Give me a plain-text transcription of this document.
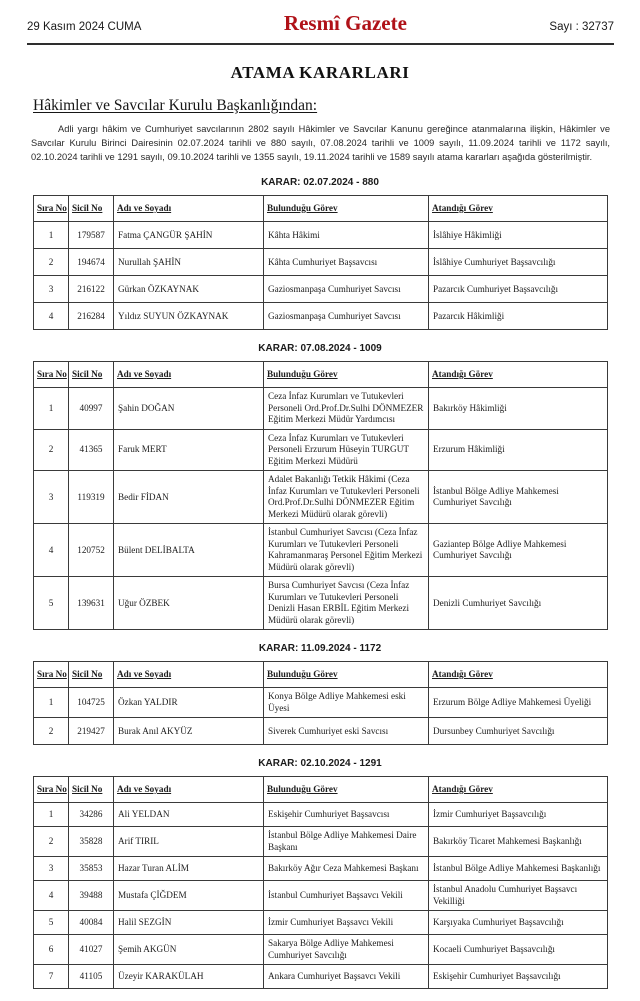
29 Kasım 2024 CUMA	Resmî Gazete	Sayı : 32737
ATAMA KARARLARI
Hâkimler ve Savcılar Kurulu Başkanlığından:

Adli yargı hâkim ve Cumhuriyet savcılarının 2802 sayılı Hâkimler ve Savcılar Kanunu gereğince atanmalarına ilişkin, Hâkimler ve Savcılar Kurulu Birinci Dairesinin 02.07.2024 tarihli ve 880 sayılı, 07.08.2024 tarihli ve 1009 sayılı, 11.09.2024 tarihli ve 1172 sayılı, 02.10.2024 tarihli ve 1291 sayılı, 09.10.2024 tarihli ve 1355 sayılı, 19.11.2024 tarihli ve 1589 sayılı atama kararları aşağıda gösterilmiştir.

KARAR: 02.07.2024 - 880
Sıra No	Sicil No	Adı ve Soyadı	Bulunduğu Görev	Atandığı Görev
1	179587	Fatma ÇANGÜR ŞAHİN	Kâhta Hâkimi	İslâhiye Hâkimliği
2	194674	Nurullah ŞAHİN	Kâhta Cumhuriyet Başsavcısı	İslâhiye Cumhuriyet Başsavcılığı
3	216122	Gürkan ÖZKAYNAK	Gaziosmanpaşa Cumhuriyet Savcısı	Pazarcık Cumhuriyet Başsavcılığı
4	216284	Yıldız SUYUN ÖZKAYNAK	Gaziosmanpaşa Cumhuriyet Savcısı	Pazarcık Hâkimliği
KARAR: 07.08.2024 - 1009
Sıra No	Sicil No	Adı ve Soyadı	Bulunduğu Görev	Atandığı Görev
1	40997	Şahin DOĞAN	Ceza İnfaz Kurumları ve Tutukevleri Personeli Ord.Prof.Dr.Sulhi DÖNMEZER Eğitim Merkezi Müdür Yardımcısı	Bakırköy Hâkimliği
2	41365	Faruk MERT	Ceza İnfaz Kurumları ve Tutukevleri Personeli Erzurum Hüseyin TURGUT Eğitim Merkezi Müdürü	Erzurum Hâkimliği
3	119319	Bedir FİDAN	Adalet Bakanlığı Tetkik Hâkimi (Ceza İnfaz Kurumları ve Tutukevleri Personeli Ord.Prof.Dr.Sulhi DÖNMEZER Eğitim Merkezi Müdürü olarak görevli)	İstanbul Bölge Adliye Mahkemesi Cumhuriyet Savcılığı
4	120752	Bülent DELİBALTA	İstanbul Cumhuriyet Savcısı (Ceza İnfaz Kurumları ve Tutukevleri Personeli Kahramanmaraş Personel Eğitim Merkezi Müdürü olarak görevli)	Gaziantep Bölge Adliye Mahkemesi Cumhuriyet Savcılığı
5	139631	Uğur ÖZBEK	Bursa Cumhuriyet Savcısı (Ceza İnfaz Kurumları ve Tutukevleri Personeli Denizli Hasan ERBİL Eğitim Merkezi Müdürü olarak görevli)	Denizli Cumhuriyet Savcılığı
KARAR: 11.09.2024 - 1172
Sıra No	Sicil No	Adı ve Soyadı	Bulunduğu Görev	Atandığı Görev
1	104725	Özkan YALDIR	Konya Bölge Adliye Mahkemesi eski Üyesi	Erzurum Bölge Adliye Mahkemesi Üyeliği
2	219427	Burak Anıl AKYÜZ	Siverek Cumhuriyet eski Savcısı	Dursunbey Cumhuriyet Savcılığı
KARAR: 02.10.2024 - 1291
Sıra No	Sicil No	Adı ve Soyadı	Bulunduğu Görev	Atandığı Görev
1	34286	Ali YELDAN	Eskişehir Cumhuriyet Başsavcısı	İzmir Cumhuriyet Başsavcılığı
2	35828	Arif TIRIL	İstanbul Bölge Adliye Mahkemesi Daire Başkanı	Bakırköy Ticaret Mahkemesi Başkanlığı
3	35853	Hazar Turan ALİM	Bakırköy Ağır Ceza Mahkemesi Başkanı	İstanbul Bölge Adliye Mahkemesi Başkanlığı
4	39488	Mustafa ÇİĞDEM	İstanbul Cumhuriyet Başsavcı Vekili	İstanbul Anadolu Cumhuriyet Başsavcı Vekilliği
5	40084	Halil SEZGİN	İzmir Cumhuriyet Başsavcı Vekili	Karşıyaka Cumhuriyet Başsavcılığı
6	41027	Şemih AKGÜN	Sakarya Bölge Adliye Mahkemesi Cumhuriyet Savcılığı	Kocaeli Cumhuriyet Başsavcılığı
7	41105	Üzeyir KARAKÜLAH	Ankara Cumhuriyet Başsavcı Vekili	Eskişehir Cumhuriyet Başsavcılığı
